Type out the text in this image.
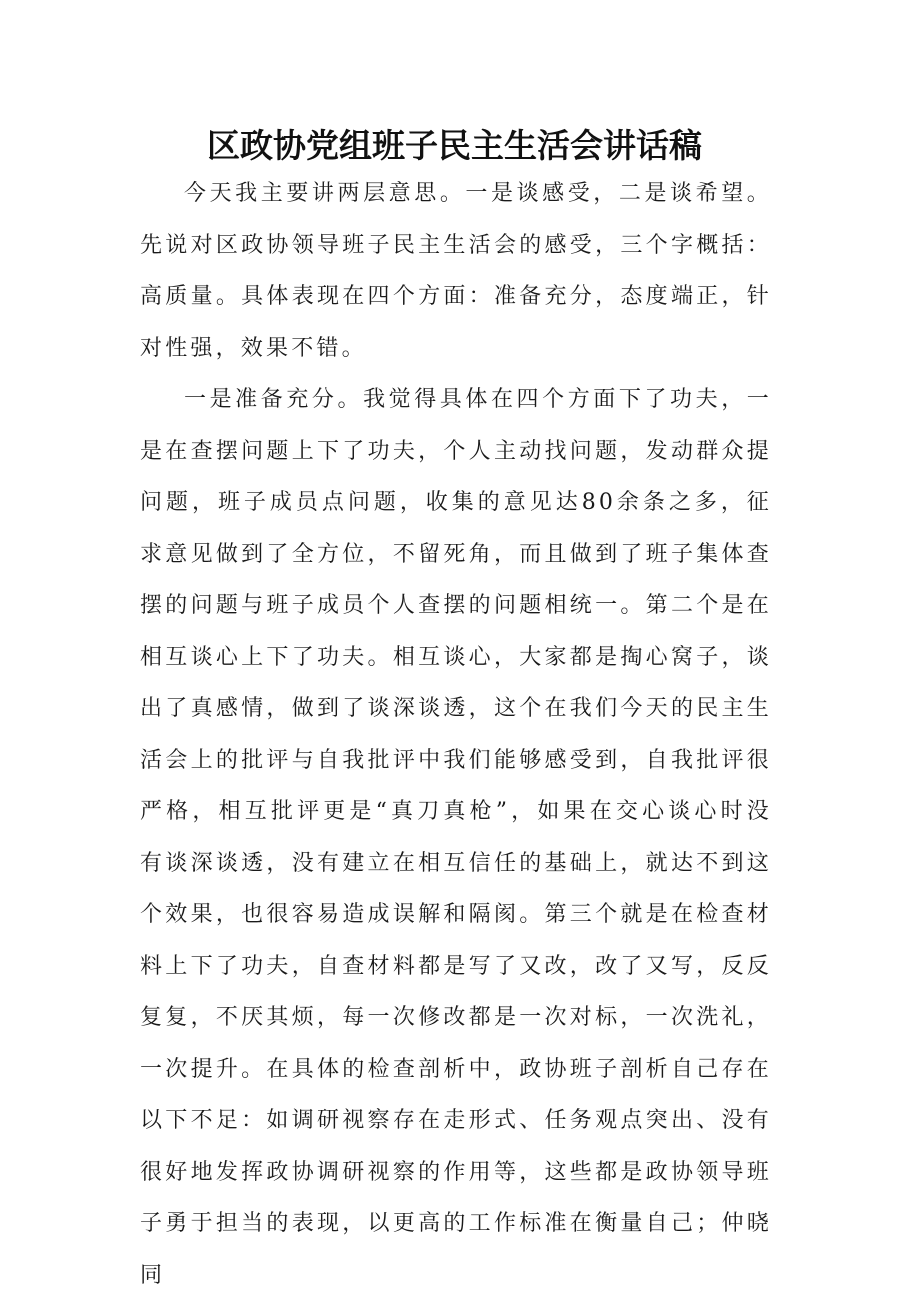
区政协党组班子民主生活会讲话稿

今天我主要讲两层意思。一是谈感受，二是谈希望。先说对区政协领导班子民主生活会的感受，三个字概括：高质量。具体表现在四个方面：准备充分，态度端正，针对性强，效果不错。

一是准备充分。我觉得具体在四个方面下了功夫，一是在查摆问题上下了功夫，个人主动找问题，发动群众提问题，班子成员点问题，收集的意见达80余条之多，征求意见做到了全方位，不留死角，而且做到了班子集体查摆的问题与班子成员个人查摆的问题相统一。第二个是在相互谈心上下了功夫。相互谈心，大家都是掏心窝子，谈出了真感情，做到了谈深谈透，这个在我们今天的民主生活会上的批评与自我批评中我们能够感受到，自我批评很严格，相互批评更是“真刀真枪”，如果在交心谈心时没有谈深谈透，没有建立在相互信任的基础上，就达不到这个效果，也很容易造成误解和隔阂。第三个就是在检查材料上下了功夫，自查材料都是写了又改，改了又写，反反复复，不厌其烦，每一次修改都是一次对标，一次洗礼，一次提升。在具体的检查剖析中，政协班子剖析自己存在以下不足：如调研视察存在走形式、任务观点突出、没有很好地发挥政协调研视察的作用等，这些都是政协领导班子勇于担当的表现，以更高的工作标准在衡量自己；仲晓同
